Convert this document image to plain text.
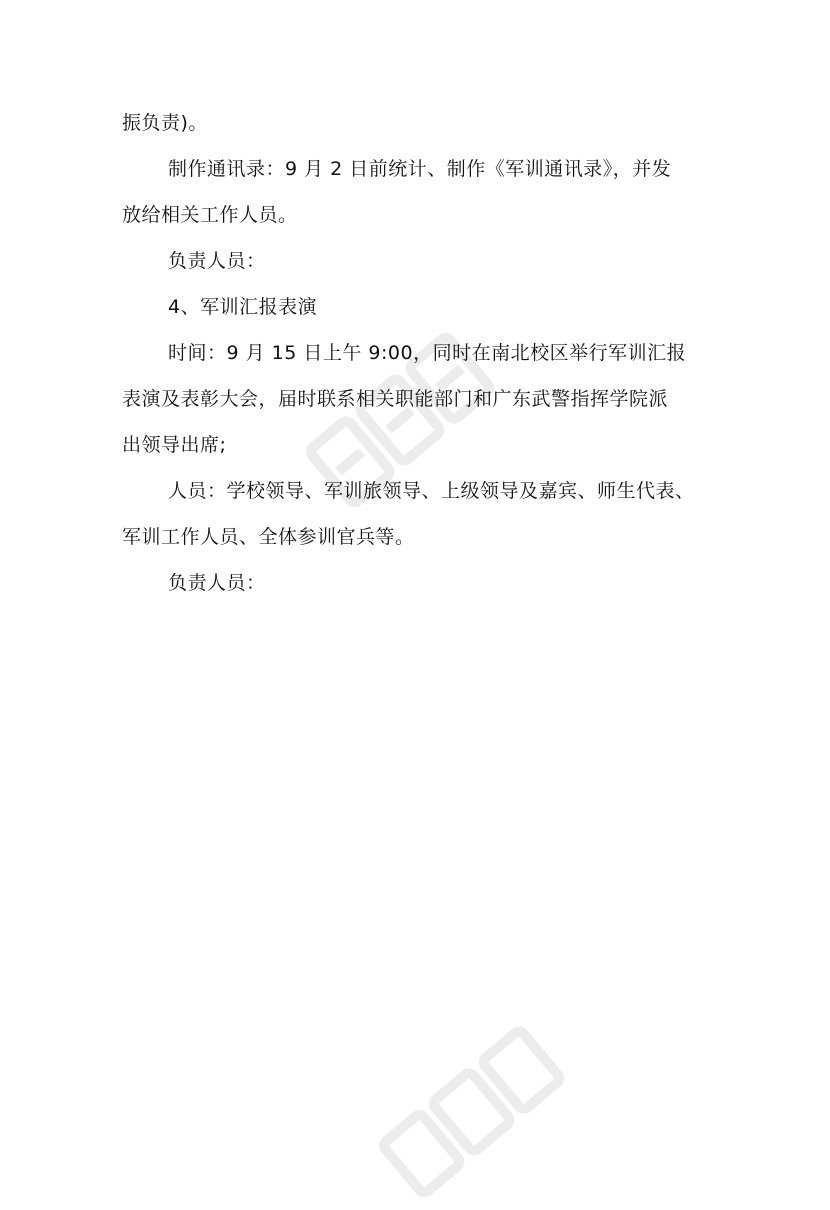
振负责)。
制作通讯录：9 月 2 日前统计、制作《军训通讯录》，并发
放给相关工作人员。
负责人员：
4、军训汇报表演
时间：9 月 15 日上午 9:00，同时在南北校区举行军训汇报
表演及表彰大会，届时联系相关职能部门和广东武警指挥学院派
出领导出席;
人员：学校领导、军训旅领导、上级领导及嘉宾、师生代表、
军训工作人员、全体参训官兵等。
负责人员：
